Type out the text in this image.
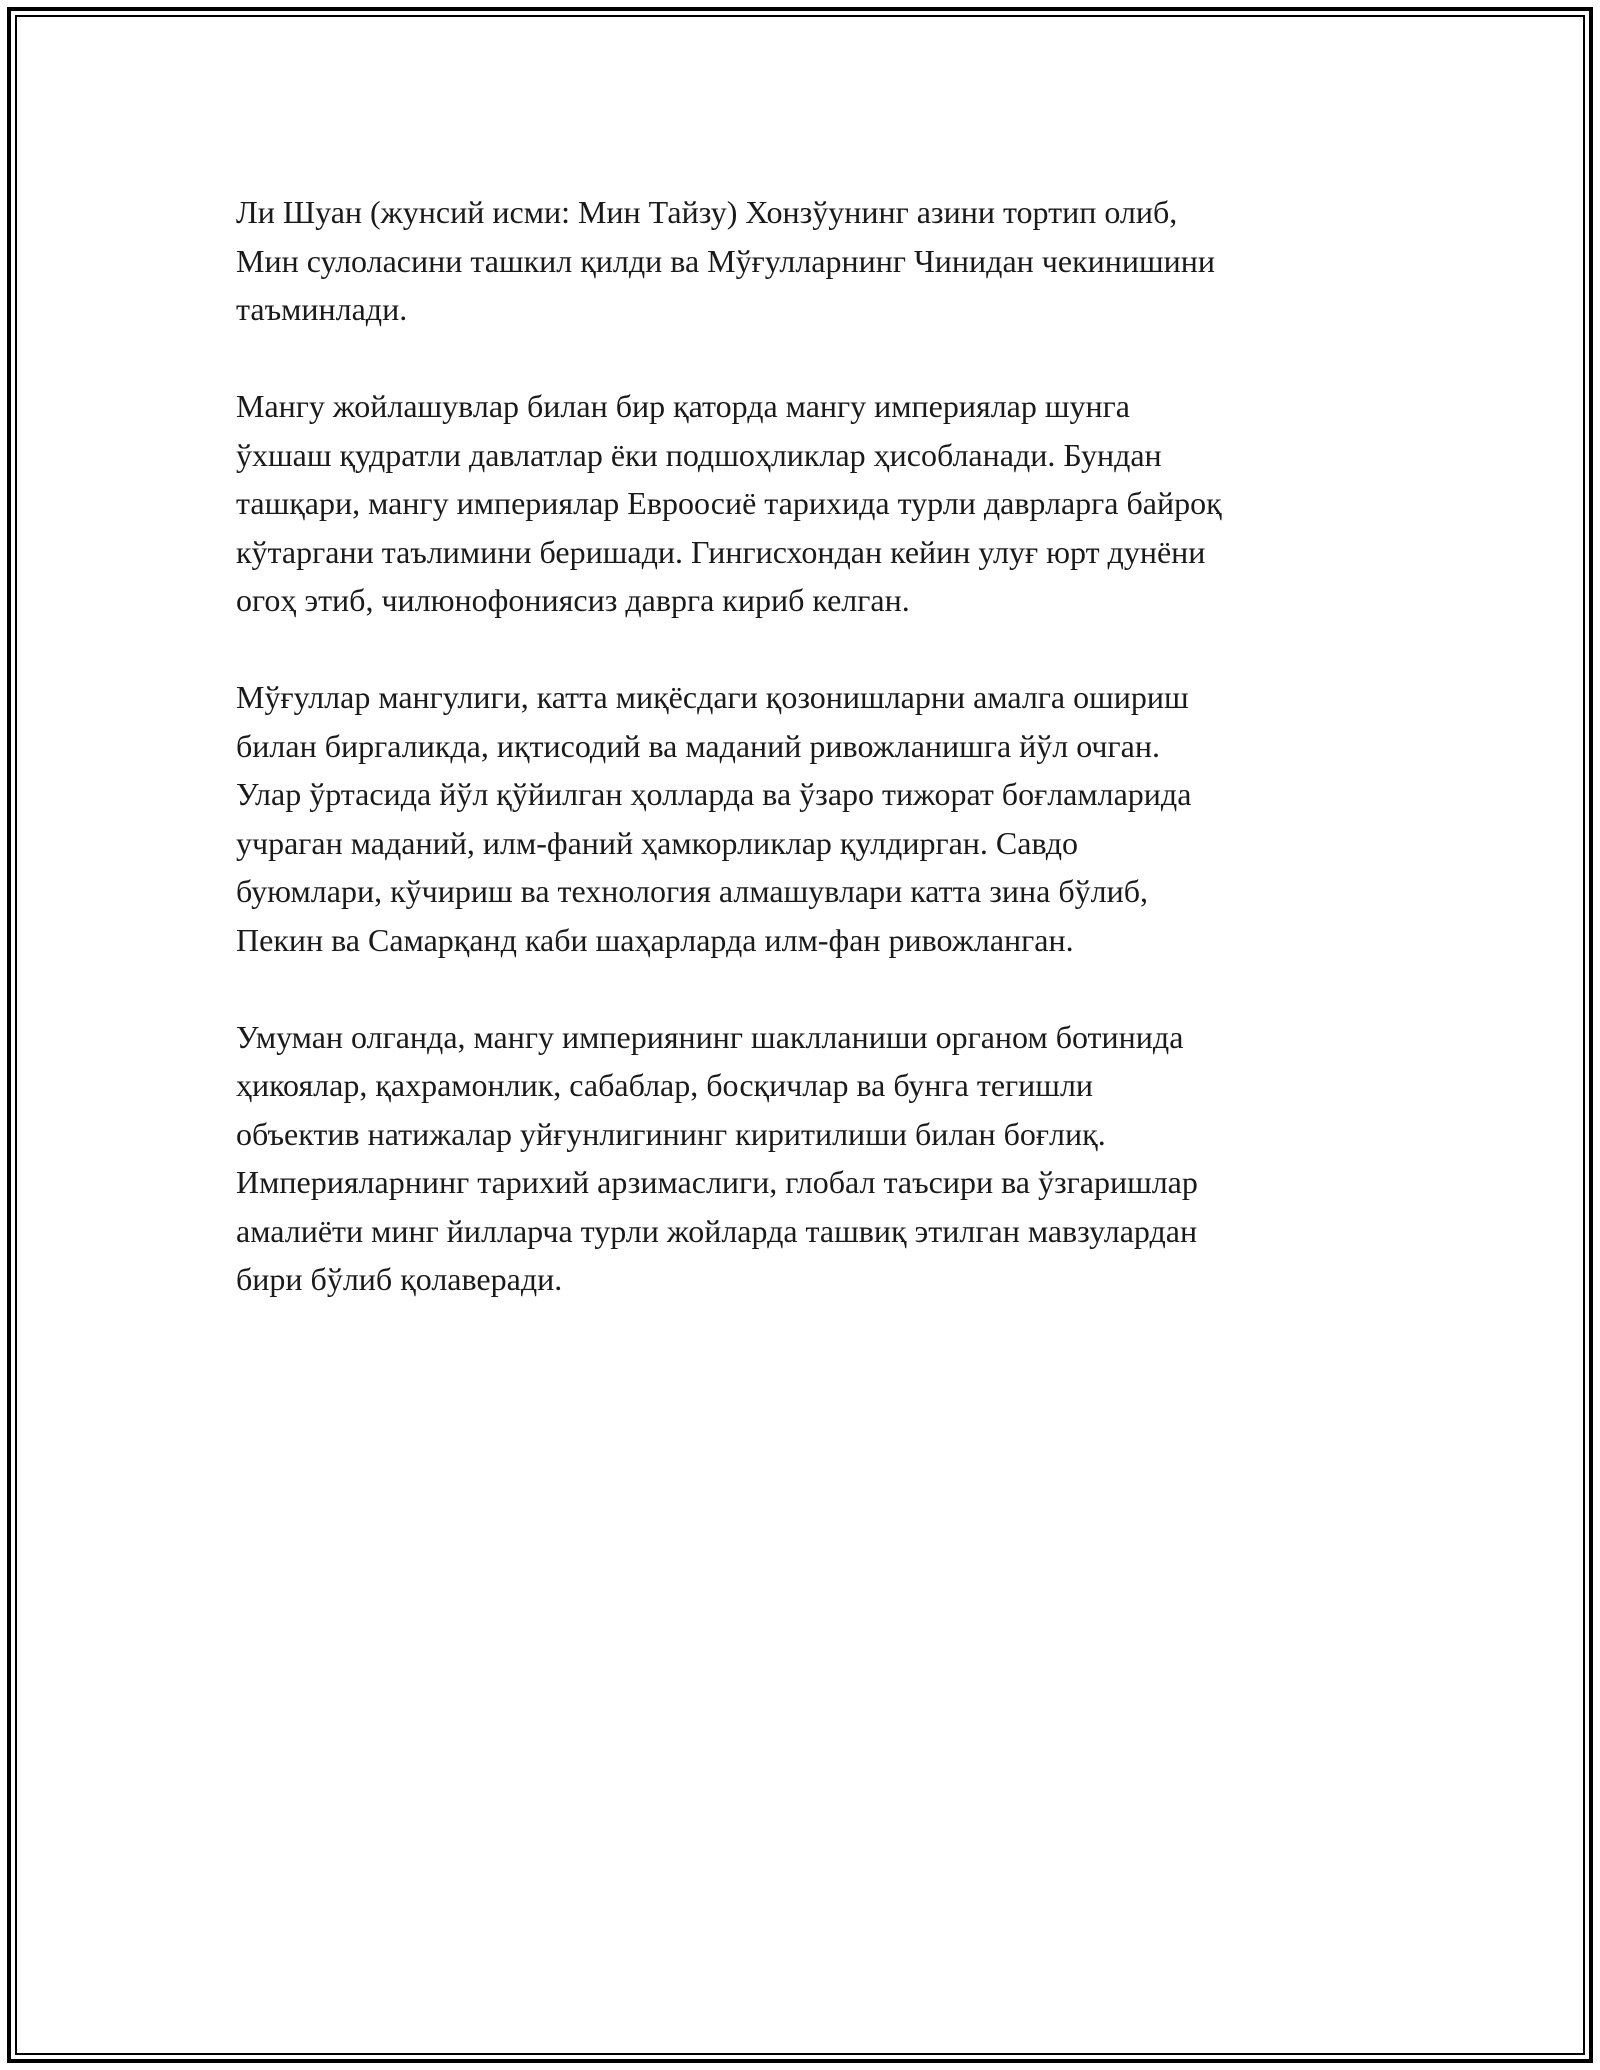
Ли Шуан (жунсий исми: Мин Тайзу) Хонзўунинг азини тортип олиб,
Мин сулоласини ташкил қилди ва Мўғулларнинг Чинидан чекинишини
таъминлади.

Мангу жойлашувлар билан бир қаторда мангу империялар шунга
ўхшаш қудратли давлатлар ёки подшоҳликлар ҳисобланади. Бундан
ташқари, мангу империялар Евроосиё тарихида турли даврларга байроқ
кўтаргани таълимини беришади. Гингисхондан кейин улуғ юрт дунёни
огоҳ этиб, чилюнофониясиз даврга кириб келган.

Мўғуллар мангулиги, катта миқёсдаги қозонишларни амалга ошириш
билан биргаликда, иқтисодий ва маданий ривожланишга йўл очган.
Улар ўртасида йўл қўйилган ҳолларда ва ўзаро тижорат боғламларида
учраган маданий, илм-фаний ҳамкорликлар қулдирган. Савдо
буюмлари, кўчириш ва технология алмашувлари катта зина бўлиб,
Пекин ва Самарқанд каби шаҳарларда илм-фан ривожланган.

Умуман олганда, мангу империянинг шаклланиши органом ботинида
ҳикоялар, қахрамонлик, сабаблар, босқичлар ва бунга тегишли
объектив натижалар уйғунлигининг киритилиши билан боғлиқ.
Империяларнинг тарихий арзимаслиги, глобал таъсири ва ўзгаришлар
амалиёти минг йилларча турли жойларда ташвиқ этилган мавзулардан
бири бўлиб қолаверади.
